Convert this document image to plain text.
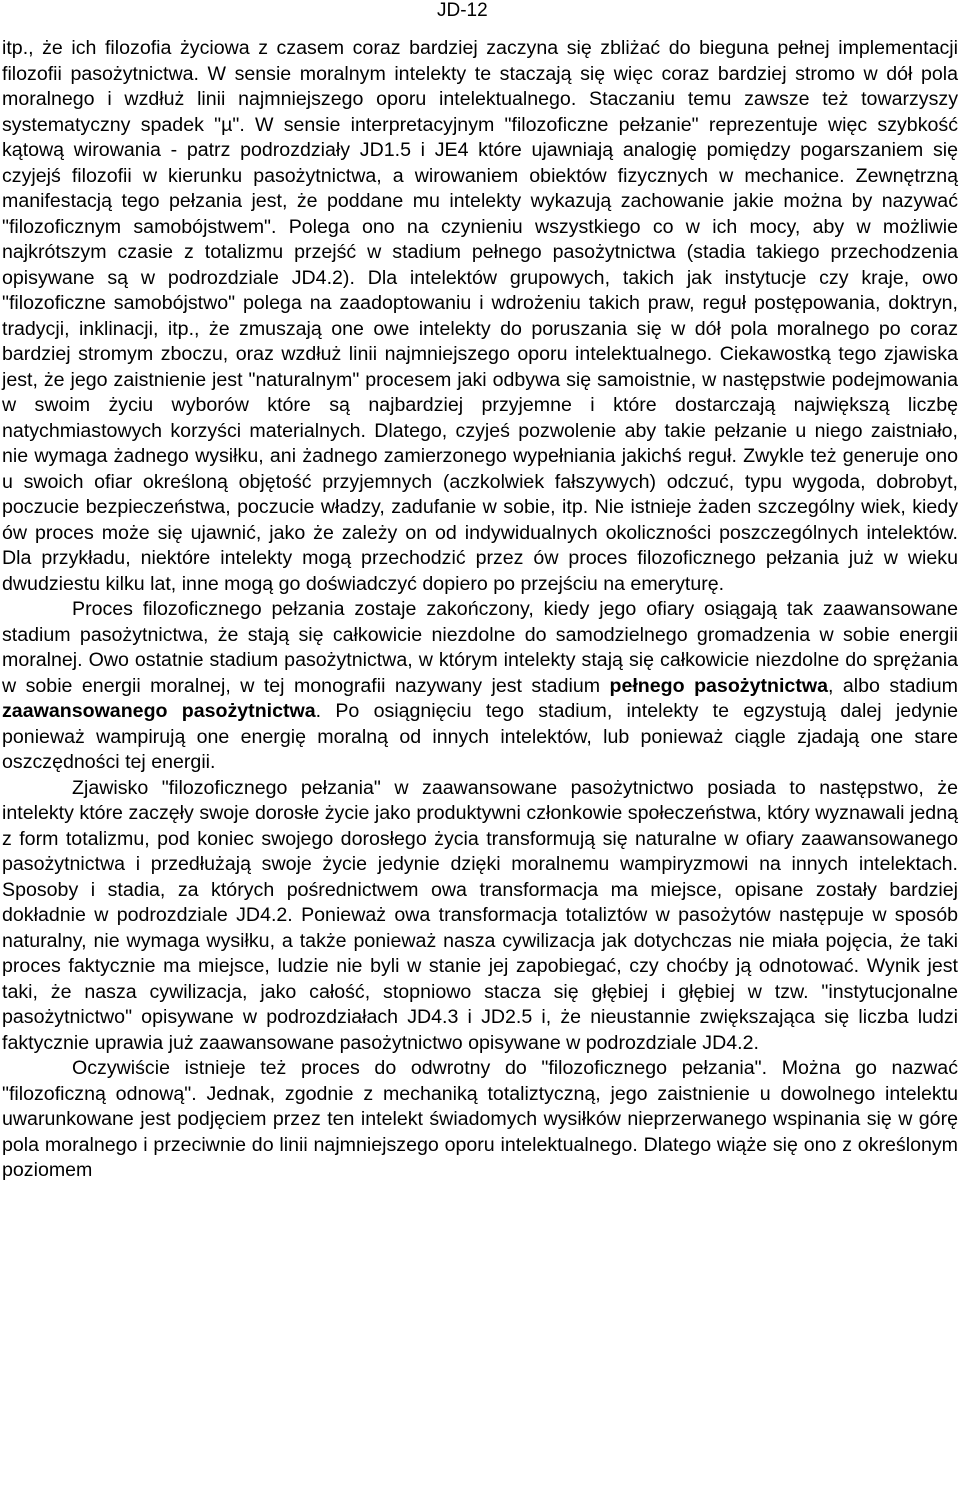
JD-12

itp., że ich filozofia życiowa z czasem coraz bardziej zaczyna się zbliżać do bieguna pełnej implementacji filozofii pasożytnictwa. W sensie moralnym intelekty te staczają się więc coraz bardziej stromo w dół pola moralnego i wzdłuż linii najmniejszego oporu intelektualnego. Staczaniu temu zawsze też towarzyszy systematyczny spadek "µ". W sensie interpretacyjnym "filozoficzne pełzanie" reprezentuje więc szybkość kątową wirowania - patrz podrozdziały JD1.5 i JE4 które ujawniają analogię pomiędzy pogarszaniem się czyjejś filozofii w kierunku pasożytnictwa, a wirowaniem obiektów fizycznych w mechanice. Zewnętrzną manifestacją tego pełzania jest, że poddane mu intelekty wykazują zachowanie jakie można by nazywać "filozoficznym samobójstwem". Polega ono na czynieniu wszystkiego co w ich mocy, aby w możliwie najkrótszym czasie z totalizmu przejść w stadium pełnego pasożytnictwa (stadia takiego przechodzenia opisywane są w podrozdziale JD4.2). Dla intelektów grupowych, takich jak instytucje czy kraje, owo "filozoficzne samobójstwo" polega na zaadoptowaniu i wdrożeniu takich praw, reguł postępowania, doktryn, tradycji, inklinacji, itp., że zmuszają one owe intelekty do poruszania się w dół pola moralnego po coraz bardziej stromym zboczu, oraz wzdłuż linii najmniejszego oporu intelektualnego. Ciekawostką tego zjawiska jest, że jego zaistnienie jest "naturalnym" procesem jaki odbywa się samoistnie, w następstwie podejmowania w swoim życiu wyborów które są najbardziej przyjemne i które dostarczają największą liczbę natychmiastowych korzyści materialnych. Dlatego, czyjeś pozwolenie aby takie pełzanie u niego zaistniało, nie wymaga żadnego wysiłku, ani żadnego zamierzonego wypełniania jakichś reguł. Zwykle też generuje ono u swoich ofiar określoną objętość przyjemnych (aczkolwiek fałszywych) odczuć, typu wygoda, dobrobyt, poczucie bezpieczeństwa, poczucie władzy, zadufanie w sobie, itp. Nie istnieje żaden szczególny wiek, kiedy ów proces może się ujawnić, jako że zależy on od indywidualnych okoliczności poszczególnych intelektów. Dla przykładu, niektóre intelekty mogą przechodzić przez ów proces filozoficznego pełzania już w wieku dwudziestu kilku lat, inne mogą go doświadczyć dopiero po przejściu na emeryturę.

Proces filozoficznego pełzania zostaje zakończony, kiedy jego ofiary osiągają tak zaawansowane stadium pasożytnictwa, że stają się całkowicie niezdolne do samodzielnego gromadzenia w sobie energii moralnej. Owo ostatnie stadium pasożytnictwa, w którym intelekty stają się całkowicie niezdolne do sprężania w sobie energii moralnej, w tej monografii nazywany jest stadium pełnego pasożytnictwa, albo stadium zaawansowanego pasożytnictwa. Po osiągnięciu tego stadium, intelekty te egzystują dalej jedynie ponieważ wampirują one energię moralną od innych intelektów, lub ponieważ ciągle zjadają one stare oszczędności tej energii.

Zjawisko "filozoficznego pełzania" w zaawansowane pasożytnictwo posiada to następstwo, że intelekty które zaczęły swoje dorosłe życie jako produktywni członkowie społeczeństwa, który wyznawali jedną z form totalizmu, pod koniec swojego dorosłego życia transformują się naturalne w ofiary zaawansowanego pasożytnictwa i przedłużają swoje życie jedynie dzięki moralnemu wampiryzmowi na innych intelektach. Sposoby i stadia, za których pośrednictwem owa transformacja ma miejsce, opisane zostały bardziej dokładnie w podrozdziale JD4.2. Ponieważ owa transformacja totaliztów w pasożytów następuje w sposób naturalny, nie wymaga wysiłku, a także ponieważ nasza cywilizacja jak dotychczas nie miała pojęcia, że taki proces faktycznie ma miejsce, ludzie nie byli w stanie jej zapobiegać, czy choćby ją odnotować. Wynik jest taki, że nasza cywilizacja, jako całość, stopniowo stacza się głębiej i głębiej w tzw. "instytucjonalne pasożytnictwo" opisywane w podrozdziałach JD4.3 i JD2.5 i, że nieustannie zwiększająca się liczba ludzi faktycznie uprawia już zaawansowane pasożytnictwo opisywane w podrozdziale JD4.2.

Oczywiście istnieje też proces do odwrotny do "filozoficznego pełzania". Można go nazwać "filozoficzną odnową". Jednak, zgodnie z mechaniką totaliztyczną, jego zaistnienie u dowolnego intelektu uwarunkowane jest podjęciem przez ten intelekt świadomych wysiłków nieprzerwanego wspinania się w górę pola moralnego i przeciwnie do linii najmniejszego oporu intelektualnego. Dlatego wiąże się ono z określonym poziomem
